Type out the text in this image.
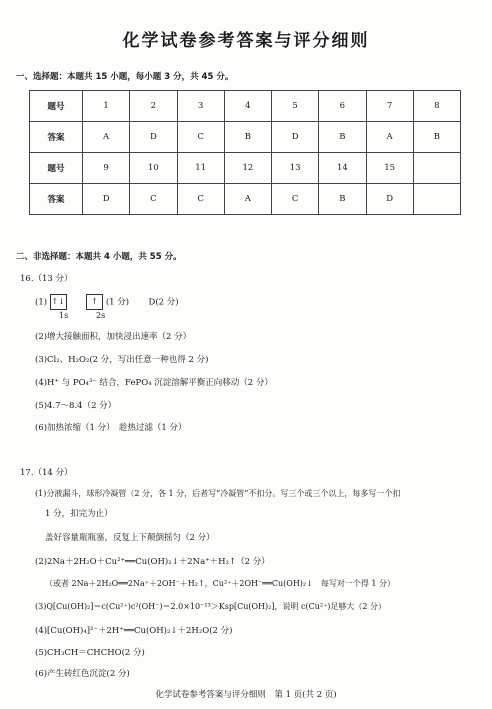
化学试卷参考答案与评分细则
一、选择题：本题共 15 小题，每小题 3 分，共 45 分。
题号	1	2	3	4	5	6	7	8
答案	A	D	C	B	D	B	A	B
题号	9	10	11	12	13	14	15	
答案	D	C	C	A	C	B	D	
二、非选择题：本题共 4 小题，共 55 分。
16.（13 分）
(1) ↑↓	↑ (1 分) D(2 分)
1s	2s
(2)增大接触面积，加快浸出速率（2 分）
(3)Cl₂、H₂O₂(2 分，写出任意一种也得 2 分)
(4)H⁺ 与 PO₄³⁻ 结合，FePO₄ 沉淀溶解平衡正向移动（2 分）
(5)4.7～8.4（2 分）
(6)加热浓缩（1 分）　趁热过滤（1 分）
17.（14 分）
(1)分液漏斗，球形冷凝管（2 分，各 1 分，后者写“冷凝管”不扣分。写三个或三个以上，每多写一个扣
1 分，扣完为止）
盖好容量瓶瓶塞，反复上下颠倒摇匀（2 分）
(2)2Na＋2H₂O＋Cu²⁺══Cu(OH)₂↓＋2Na⁺＋H₂↑（2 分）
（或者 2Na＋2H₂O══2Na⁺＋2OH⁻＋H₂↑，Cu²⁺＋2OH⁻══Cu(OH)₂↓　每写对一个得 1 分）
(3)Q[Cu(OH)₂]＝c(Cu²⁺)c²(OH⁻)＝2.0×10⁻¹³＞Ksp[Cu(OH)₂]，说明 c(Cu²⁺)足够大（2 分）
(4)[Cu(OH)₄]²⁻＋2H⁺══Cu(OH)₂↓＋2H₂O(2 分)
(5)CH₃CH＝CHCHO(2 分)
(6)产生砖红色沉淀(2 分)
化学试卷参考答案与评分细则　第 1 页(共 2 页)
